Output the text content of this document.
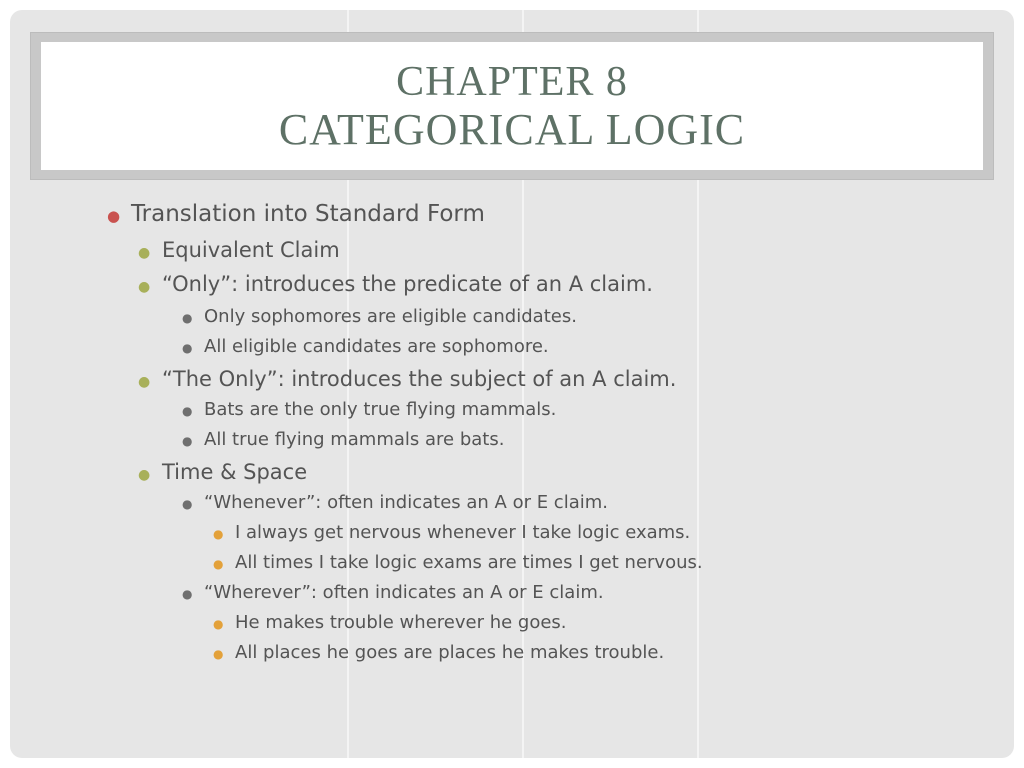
CHAPTER 8
CATEGORICAL LOGIC
● Translation into Standard Form
● Equivalent Claim
● “Only”: introduces the predicate of an A claim.
● Only sophomores are eligible candidates.
● All eligible candidates are sophomore.
● “The Only”: introduces the subject of an A claim.
● Bats are the only true flying mammals.
● All true flying mammals are bats.
● Time & Space
● “Whenever”: often indicates an A or E claim.
● I always get nervous whenever I take logic exams.
● All times I take logic exams are times I get nervous.
● “Wherever”: often indicates an A or E claim.
● He makes trouble wherever he goes.
● All places he goes are places he makes trouble.
